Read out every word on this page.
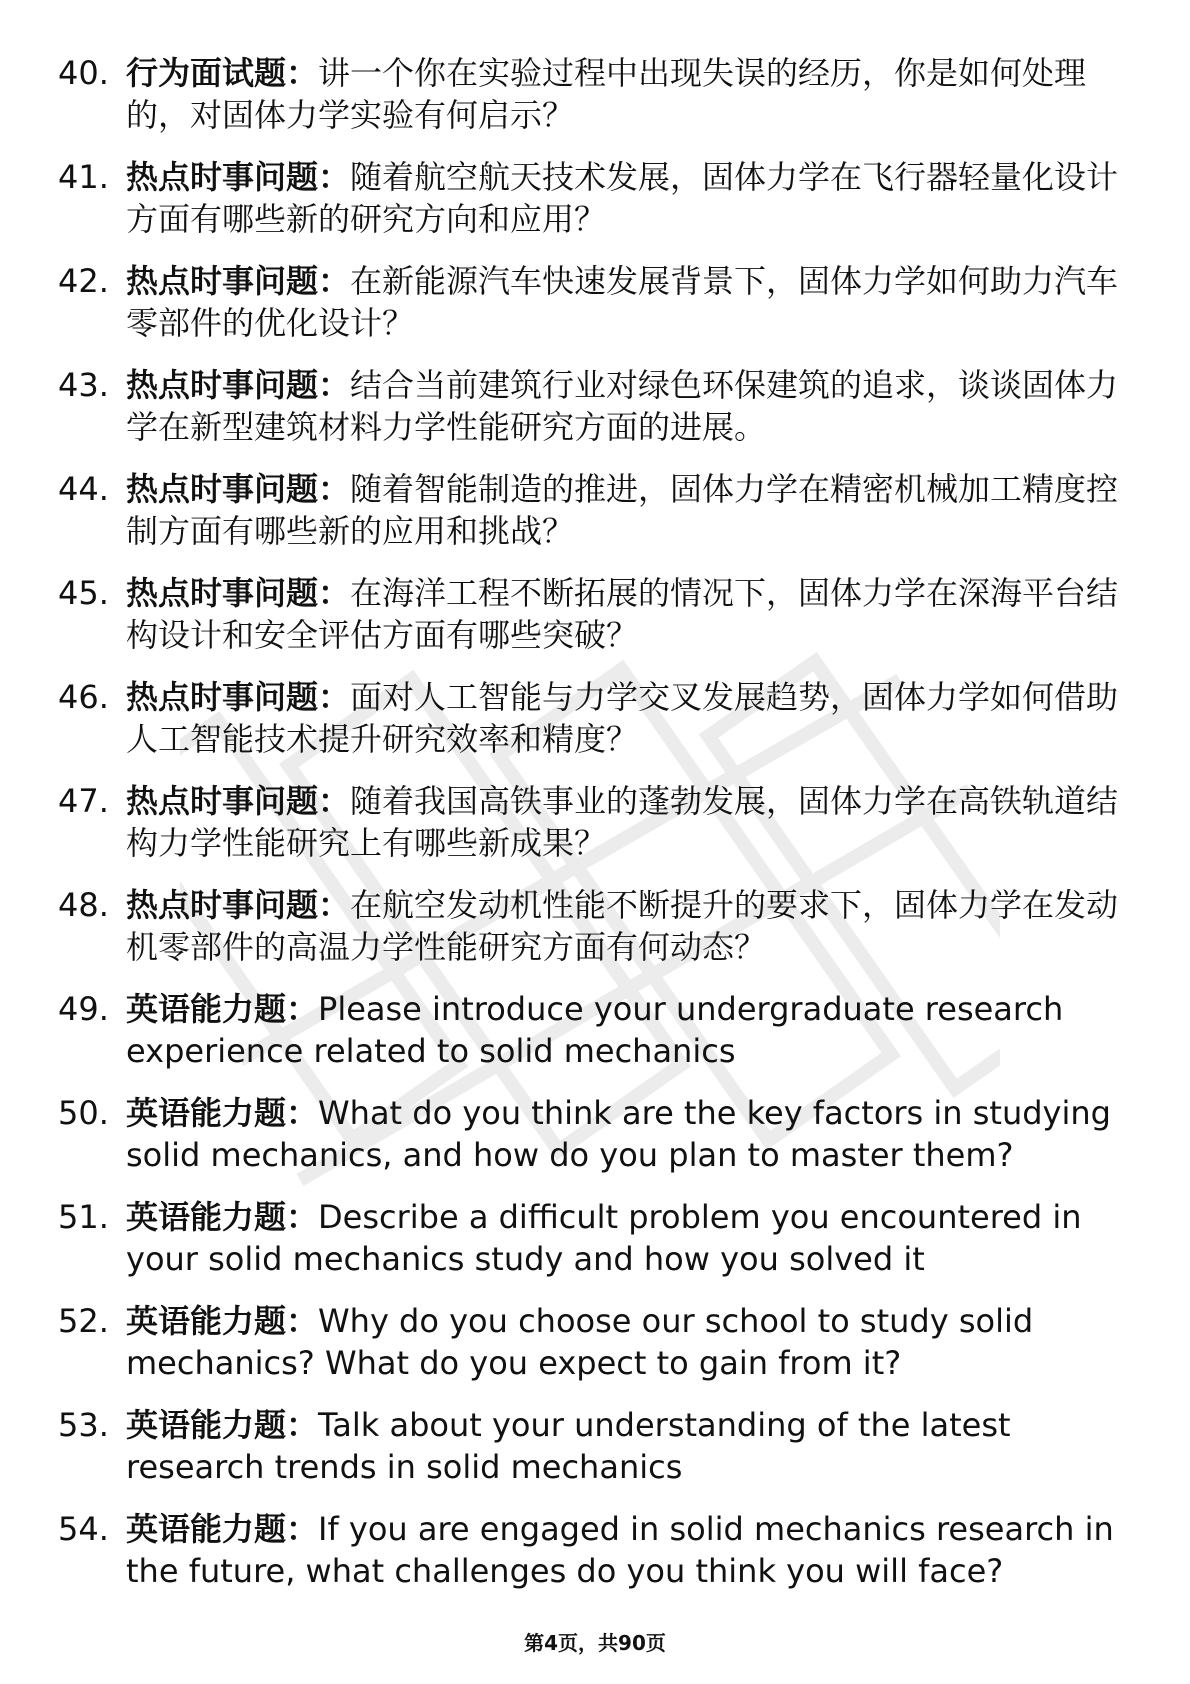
40. 行为面试题：讲一个你在实验过程中出现失误的经历，你是如何处理的，对固体力学实验有何启示？
41. 热点时事问题：随着航空航天技术发展，固体力学在飞行器轻量化设计方面有哪些新的研究方向和应用？
42. 热点时事问题：在新能源汽车快速发展背景下，固体力学如何助力汽车零部件的优化设计？
43. 热点时事问题：结合当前建筑行业对绿色环保建筑的追求，谈谈固体力学在新型建筑材料力学性能研究方面的进展。
44. 热点时事问题：随着智能制造的推进，固体力学在精密机械加工精度控制方面有哪些新的应用和挑战？
45. 热点时事问题：在海洋工程不断拓展的情况下，固体力学在深海平台结构设计和安全评估方面有哪些突破？
46. 热点时事问题：面对人工智能与力学交叉发展趋势，固体力学如何借助人工智能技术提升研究效率和精度？
47. 热点时事问题：随着我国高铁事业的蓬勃发展，固体力学在高铁轨道结构力学性能研究上有哪些新成果？
48. 热点时事问题：在航空发动机性能不断提升的要求下，固体力学在发动机零部件的高温力学性能研究方面有何动态？
49. 英语能力题：Please introduce your undergraduate research experience related to solid mechanics
50. 英语能力题：What do you think are the key factors in studying solid mechanics, and how do you plan to master them?
51. 英语能力题：Describe a difficult problem you encountered in your solid mechanics study and how you solved it
52. 英语能力题：Why do you choose our school to study solid mechanics? What do you expect to gain from it?
53. 英语能力题：Talk about your understanding of the latest research trends in solid mechanics
54. 英语能力题：If you are engaged in solid mechanics research in the future, what challenges do you think you will face?
第4页，共90页
